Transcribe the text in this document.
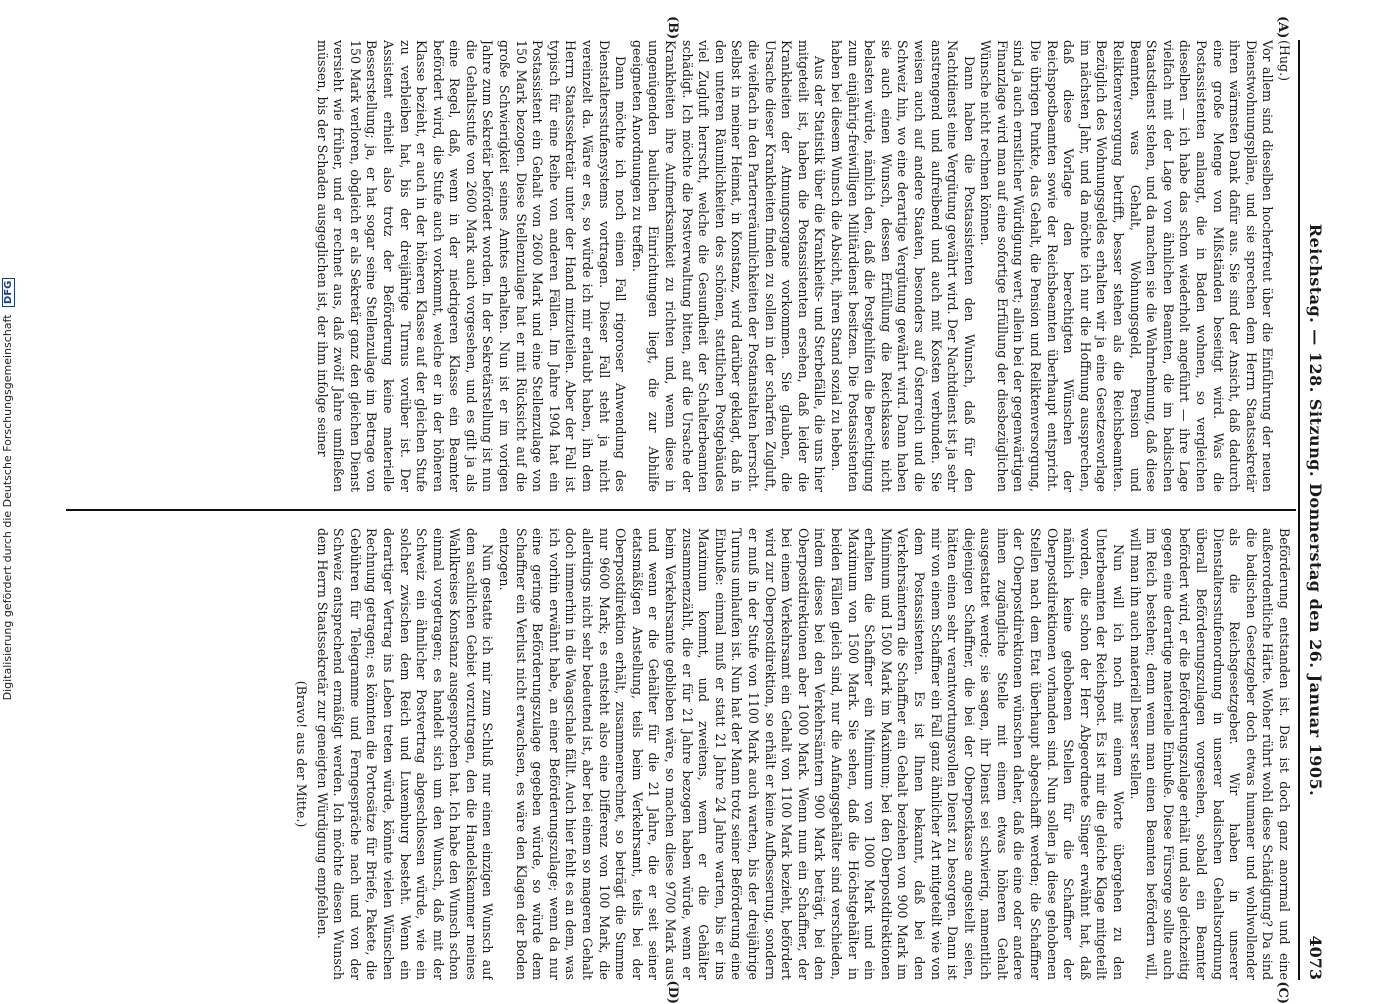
Digitalisierung gefördert durch die Deutsche Forschungsgemeinschaft DFG	Reichstag. — 128. Sitzung. Donnerstag den 26. Januar 1905.
4073
(A)
(B)
(C)
(D)

(Hug.)

Vor allem sind dieselben hocherfreut über die Einführung der neuen Dienstwohnungspläne, und sie sprechen dem Herrn Staatssekretär ihren wärmsten Dank dafür aus. Sie sind der Ansicht, daß dadurch eine große Menge von Mißständen beseitigt wird. Was die Postassistenten anlangt, die in Baden wohnen, so vergleichen dieselben — ich habe das schon wiederholt angeführt — ihre Lage vielfach mit der Lage von ähnlichen Beamten, die im badischen Staatsdienst stehen, und da machen sie die Wahrnehmung, daß diese Beamten, was Gehalt, Wohnungsgeld, Pension und Reliktenversorgung betrifft, besser stehen als die Reichsbeamten. Bezüglich des Wohnungsgeldes erhalten wir ja eine Gesetzesvorlage im nächsten Jahr, und da möchte ich nur die Hoffnung aussprechen, daß diese Vorlage den berechtigten Wünschen der Reichspostbeamten sowie der Reichsbeamten überhaupt entspricht. Die übrigen Punkte, das Gehalt, die Pension und Reliktenversorgung, sind ja auch ernstlicher Würdigung wert; allein bei der gegenwärtigen Finanzlage wird man auf eine sofortige Erfüllung der diesbezüglichen Wünsche nicht rechnen können.

Dann haben die Postassistenten den Wunsch, daß für den Nachtdienst eine Vergütung gewährt wird. Der Nachtdienst ist ja sehr anstrengend und aufreibend und auch mit Kosten verbunden. Sie weisen auch auf andere Staaten, besonders auf Österreich und die Schweiz hin, wo eine derartige Vergütung gewährt wird. Dann haben sie auch einen Wunsch, dessen Erfüllung die Reichskasse nicht belasten würde, nämlich den, daß die Postgehilfen die Berechtigung zum einjährig-freiwilligen Militärdienst besitzen. Die Postassistenten haben bei diesem Wunsch die Absicht, ihren Stand sozial zu heben.

Aus der Statistik über die Krankheits- und Sterbefälle, die uns hier mitgeteilt ist, haben die Postassistenten ersehen, daß leider die Krankheiten der Atmungsorgane vorkommen. Sie glauben, die Ursache dieser Krankheiten finden zu sollen in der scharfen Zugluft, die vielfach in den Parterreräumlichkeiten der Postanstalten herrscht. Selbst in meiner Heimat, in Konstanz, wird darüber geklagt, daß in den unteren Räumlichkeiten des schönen, stattlichen Postgebäudes viel Zugluft herrscht, welche die Gesundheit der Schalterbeamten schädigt. Ich möchte die Postverwaltung bitten, auf die Ursache der Krankheiten ihre Aufmerksamkeit zu richten und, wenn diese in ungenügenden baulichen Einrichtungen liegt, die zur Abhilfe geeigneten Anordnungen zu treffen.

Dann möchte ich noch einen Fall rigoroser Anwendung des Dienstaltersstufensystems vortragen. Dieser Fall steht ja nicht vereinzelt da. Wäre er es, so würde ich mir erlaubt haben, ihn dem Herrn Staatssekretär unter der Hand mitzuteilen. Aber der Fall ist typisch für eine Reihe von anderen Fällen. Im Jahre 1904 hat ein Postassistent ein Gehalt von 2600 Mark und eine Stellenzulage von 150 Mark bezogen. Diese Stellenzulage hat er mit Rücksicht auf die große Schwierigkeit seines Amtes erhalten. Nun ist er im vorigen Jahre zum Sekretär befördert worden. In der Sekretärstellung ist nun die Gehaltsstufe von 2600 Mark auch vorgesehen, und es gilt ja als eine Regel, daß, wenn in der niedrigeren Klasse ein Beamter befördert wird, die Stufe auch vorkommt, welche er in der höheren Klasse bezieht, er auch in der höheren Klasse auf der gleichen Stufe zu verbleiben hat, bis der dreijährige Turnus vorüber ist. Der Assistent erhielt also trotz der Beförderung keine materielle Besserstellung; ja, er hat sogar seine Stellenzulage im Betrage von 150 Mark verloren, obgleich er als Sekretär ganz den gleichen Dienst versieht wie früher, und er rechnet aus, daß zwölf Jahre umfließen müssen, bis der Schaden ausgeglichen ist, der ihm infolge seiner

Beförderung entstanden ist. Das ist doch ganz anormal und eine außerordentliche Härte. Woher rührt wohl diese Schädigung? Da sind die badischen Gesetzgeber doch etwas humaner und wohlwollender als die Reichsgesetzgeber. Wir haben in unserer Dienstaltersstufenordnung in unserer badischen Gehaltsordnung überall Beförderungszulagen vorgesehen, sobald ein Beamter befördert wird, er die Beförderungszulage erhält und also gleichzeitig gegen eine derartige materielle Einbuße. Diese Fürsorge sollte auch im Reich bestehen; denn wenn man einen Beamten befördern will, will man ihn auch materiell besser stellen.

Nun will ich noch mit einem Worte übergehen zu den Unterbeamten der Reichspost. Es ist mir die gleiche Klage mitgeteilt worden, die schon der Herr Abgeordnete Singer erwähnt hat, daß nämlich keine gehobenen Stellen für die Schaffner der Oberpostdirektionen vorhanden sind. Nun sollen ja diese gehobenen Stellen nach dem Etat überhaupt abgeschafft werden; die Schaffner der Oberpostdirektionen wünschen daher, daß die eine oder andere ihnen zugängliche Stelle mit einem etwas höheren Gehalt ausgestattet werde; sie sagen, ihr Dienst sei schwierig, namentlich diejenigen Schaffner, die bei der Oberpostkasse angestellt seien, hätten einen sehr verantwortungsvollen Dienst zu besorgen. Dann ist mir von einem Schaffner ein Fall ganz ähnlicher Art mitgeteilt wie von dem Postassistenten. Es ist Ihnen bekannt, daß bei den Verkehrsämtern die Schaffner ein Gehalt beziehen von 900 Mark im Minimum und 1500 Mark im Maximum; bei den Oberpostdirektionen erhalten die Schaffner ein Minimum von 1000 Mark und ein Maximum von 1500 Mark. Sie sehen, daß die Höchstgehälter in beiden Fällen gleich sind, nur die Anfangsgehälter sind verschieden, indem dieses bei den Verkehrsämtern 900 Mark beträgt, bei den Oberpostdirektionen aber 1000 Mark. Wenn nun ein Schaffner, der bei einem Verkehrsamt ein Gehalt von 1100 Mark bezieht, befördert wird zur Oberpostdirektion, so erhält er keine Aufbesserung, sondern er muß in der Stufe von 1100 Mark auch warten, bis der dreijährige Turnus umlaufen ist. Nun hat der Mann trotz seiner Beförderung eine Einbuße: einmal muß er statt 21 Jahre 24 Jahre warten, bis er ins Maximum kommt, und zweitens, wenn er die Gehälter zusammenzählt, die er für 21 Jahre bezogen haben würde, wenn er beim Verkehrsamte geblieben wäre, so machen diese 9700 Mark aus und wenn er die Gehälter für die 21 Jahre, die er seit seiner etatsmäßigen Anstellung, teils beim Verkehrsamt, teils bei der Oberpostdirektion erhält, zusammenrechnet, so beträgt die Summe nur 9600 Mark; es entsteht also eine Differenz von 100 Mark, die allerdings nicht sehr bedeutend ist, aber bei einem so mageren Gehalt doch immerhin in die Waagschale fällt. Auch hier fehlt es an dem, was ich vorhin erwähnt habe, an einer Beförderungszulage; wenn da nur eine geringe Beförderungszulage gegeben würde, so würde dem Schaffner ein Verlust nicht erwachsen, es wäre den Klagen der Boden entzogen.

Nun gestatte ich mir zum Schluß nur einen einzigen Wunsch auf dem sachlichen Gebiet vorzutragen, den die Handelskammer meines Wahlkreises Konstanz ausgesprochen hat. Ich habe den Wunsch schon einmal vorgetragen; es handelt sich um den Wunsch, daß mit der Schweiz ein ähnlicher Postvertrag abgeschlossen würde, wie ein solcher zwischen dem Reich und Luxemburg besteht. Wenn ein derartiger Vertrag ins Leben treten würde, könnte vielen Wünschen Rechnung getragen; es könnten die Portosätze für Briefe, Pakete, die Gebühren für Telegramme und Ferngespräche nach und von der Schweiz entsprechend ermäßigt werden. Ich möchte diesen Wunsch dem Herrn Staatssekretär zur geneigten Würdigung empfehlen.

(Bravo! aus der Mitte.)
